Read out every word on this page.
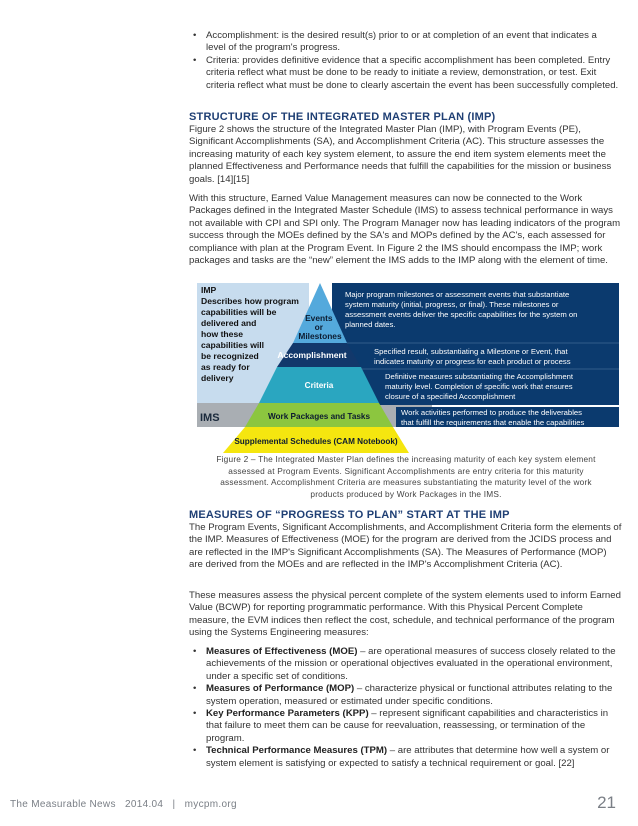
• Accomplishment: is the desired result(s) prior to or at completion of an event that indicates a level of the program's progress.
• Criteria: provides definitive evidence that a specific accomplishment has been completed. Entry criteria reflect what must be done to be ready to initiate a review, demonstration, or test. Exit criteria reflect what must be done to clearly ascertain the event has been successfully completed.
STRUCTURE OF THE INTEGRATED MASTER PLAN (IMP)

Figure 2 shows the structure of the Integrated Master Plan (IMP), with Program Events (PE), Significant Accomplishments (SA), and Accomplishment Criteria (AC). This structure assesses the increasing maturity of each key system element, to assure the end item system elements meet the planned Effectiveness and Performance needs that fulfill the capabilities for the mission or business goals. [14][15]

With this structure, Earned Value Management measures can now be connected to the Work Packages defined in the Integrated Master Schedule (IMS) to assess technical performance in ways not available with CPI and SPI only. The Program Manager now has leading indicators of the program success through the MOEs defined by the SA's and MOPs defined by the AC's, each assessed for compliance with plan at the Program Event. In Figure 2 the IMS should encompass the IMP; work packages and tasks are the “new” element the IMS adds to the IMP along with the element of time.

IMP Describes how program capabilities will be delivered and how these capabilities will be recognized as ready for delivery
IMS
Events or Milestones
Accomplishment
Criteria
Work Packages and Tasks
Supplemental Schedules (CAM Notebook)
Major program milestones or assessment events that substantiate system maturity (initial, progress, or final). These milestones or assessment events deliver the specific capabilities for the system on planned dates.
Specified result, substantiating a Milestone or Event, that indicates maturity or progress for each product or process
Definitive measures substantiating the Accomplishment maturity level. Completion of specific work that ensures closure of a specified Accomplishment
Work activities performed to produce the deliverables that fulfill the requirements that enable the capabilities
Figure 2 – The Integrated Master Plan defines the increasing maturity of each key system element
assessed at Program Events. Significant Accomplishments are entry criteria for this maturity
assessment. Accomplishment Criteria are measures substantiating the maturity level of the work
products produced by Work Packages in the IMS.
MEASURES OF “PROGRESS TO PLAN” START AT THE IMP

The Program Events, Significant Accomplishments, and Accomplishment Criteria form the elements of the IMP. Measures of Effectiveness (MOE) for the program are derived from the JCIDS process and are reflected in the IMP's Significant Accomplishments (SA). The Measures of Performance (MOP) are derived from the MOEs and are reflected in the IMP's Accomplishment Criteria (AC).

These measures assess the physical percent complete of the system elements used to inform Earned Value (BCWP) for reporting programmatic performance. With this Physical Percent Complete measure, the EVM indices then reflect the cost, schedule, and technical performance of the program using the Systems Engineering measures:

• Measures of Effectiveness (MOE) – are operational measures of success closely related to the achievements of the mission or operational objectives evaluated in the operational environment, under a specific set of conditions.
• Measures of Performance (MOP) – characterize physical or functional attributes relating to the system operation, measured or estimated under specific conditions.
• Key Performance Parameters (KPP) – represent significant capabilities and characteristics in that failure to meet them can be cause for reevaluation, reassessing, or termination of the program.
• Technical Performance Measures (TPM) – are attributes that determine how well a system or system element is satisfying or expected to satisfy a technical requirement or goal. [22]
The Measurable News 2014.04 | mycpm.org	21
